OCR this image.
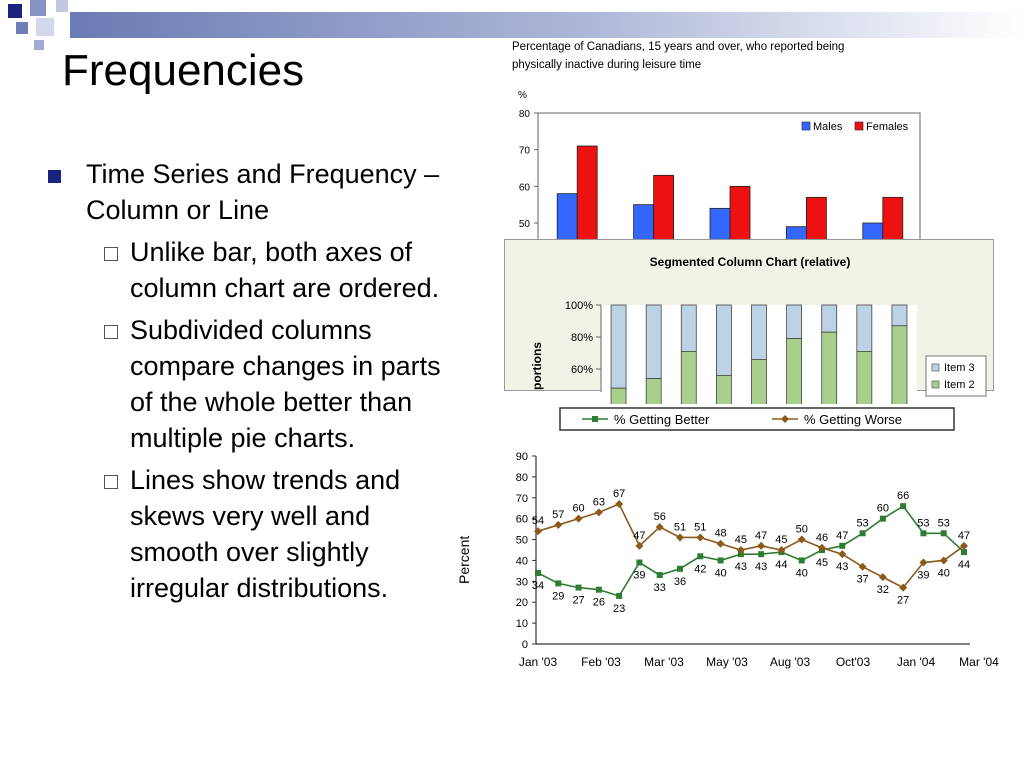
Frequencies
Time Series and Frequency – Column or Line
Unlike bar, both axes of column chart are ordered.
Subdivided columns compare changes in parts of the whole better than multiple pie charts.
Lines show trends and skews very well and smooth over slightly irregular distributions.
Percentage of Canadians, 15 years and over, who reported being
physically inactive during leisure time
%
50
60
70
80
Males Females
Segmented Column Chart (relative)
portions
100%
80%
60%	Item 3
Item 2
Percent
0
10
20
30
40
50
60
70
80
90
Jan '03 Feb '03 Mar '03 May '03 Aug '03 Oct'03 Jan '04 Mar '04
34
29 27 26
23
39
33
36
42 40
43 43 44
40
45
47
53
60
66
53 53
44
54
57
60
63
67
47
56
51 51
48
45 47 45
50
46
43
37
32
27
39 40
47
% Getting Better	% Getting Worse
